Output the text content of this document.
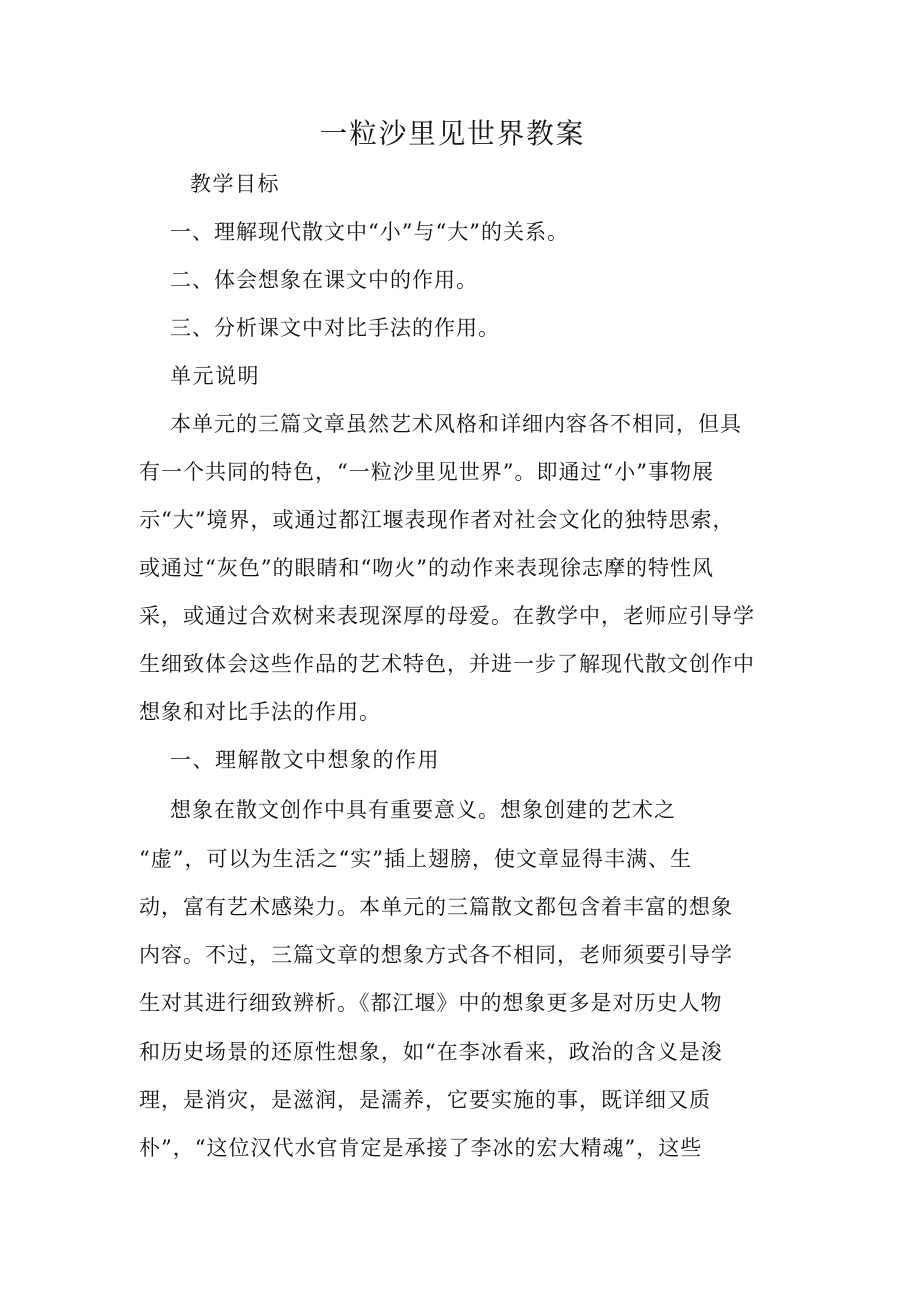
一粒沙里见世界教案
教学目标
一、理解现代散文中“小”与“大”的关系。
二、体会想象在课文中的作用。
三、分析课文中对比手法的作用。
单元说明
本单元的三篇文章虽然艺术风格和详细内容各不相同，但具
有一个共同的特色，“一粒沙里见世界”。即通过“小”事物展
示“大”境界，或通过都江堰表现作者对社会文化的独特思索，
或通过“灰色”的眼睛和“吻火”的动作来表现徐志摩的特性风
采，或通过合欢树来表现深厚的母爱。在教学中，老师应引导学
生细致体会这些作品的艺术特色，并进一步了解现代散文创作中
想象和对比手法的作用。
一、理解散文中想象的作用
想象在散文创作中具有重要意义。想象创建的艺术之
“虚”，可以为生活之“实”插上翅膀，使文章显得丰满、生
动，富有艺术感染力。本单元的三篇散文都包含着丰富的想象
内容。不过，三篇文章的想象方式各不相同，老师须要引导学
生对其进行细致辨析。《都江堰》中的想象更多是对历史人物
和历史场景的还原性想象，如“在李冰看来，政治的含义是浚
理，是消灾，是滋润，是濡养，它要实施的事，既详细又质
朴”，“这位汉代水官肯定是承接了李冰的宏大精魂”，这些
